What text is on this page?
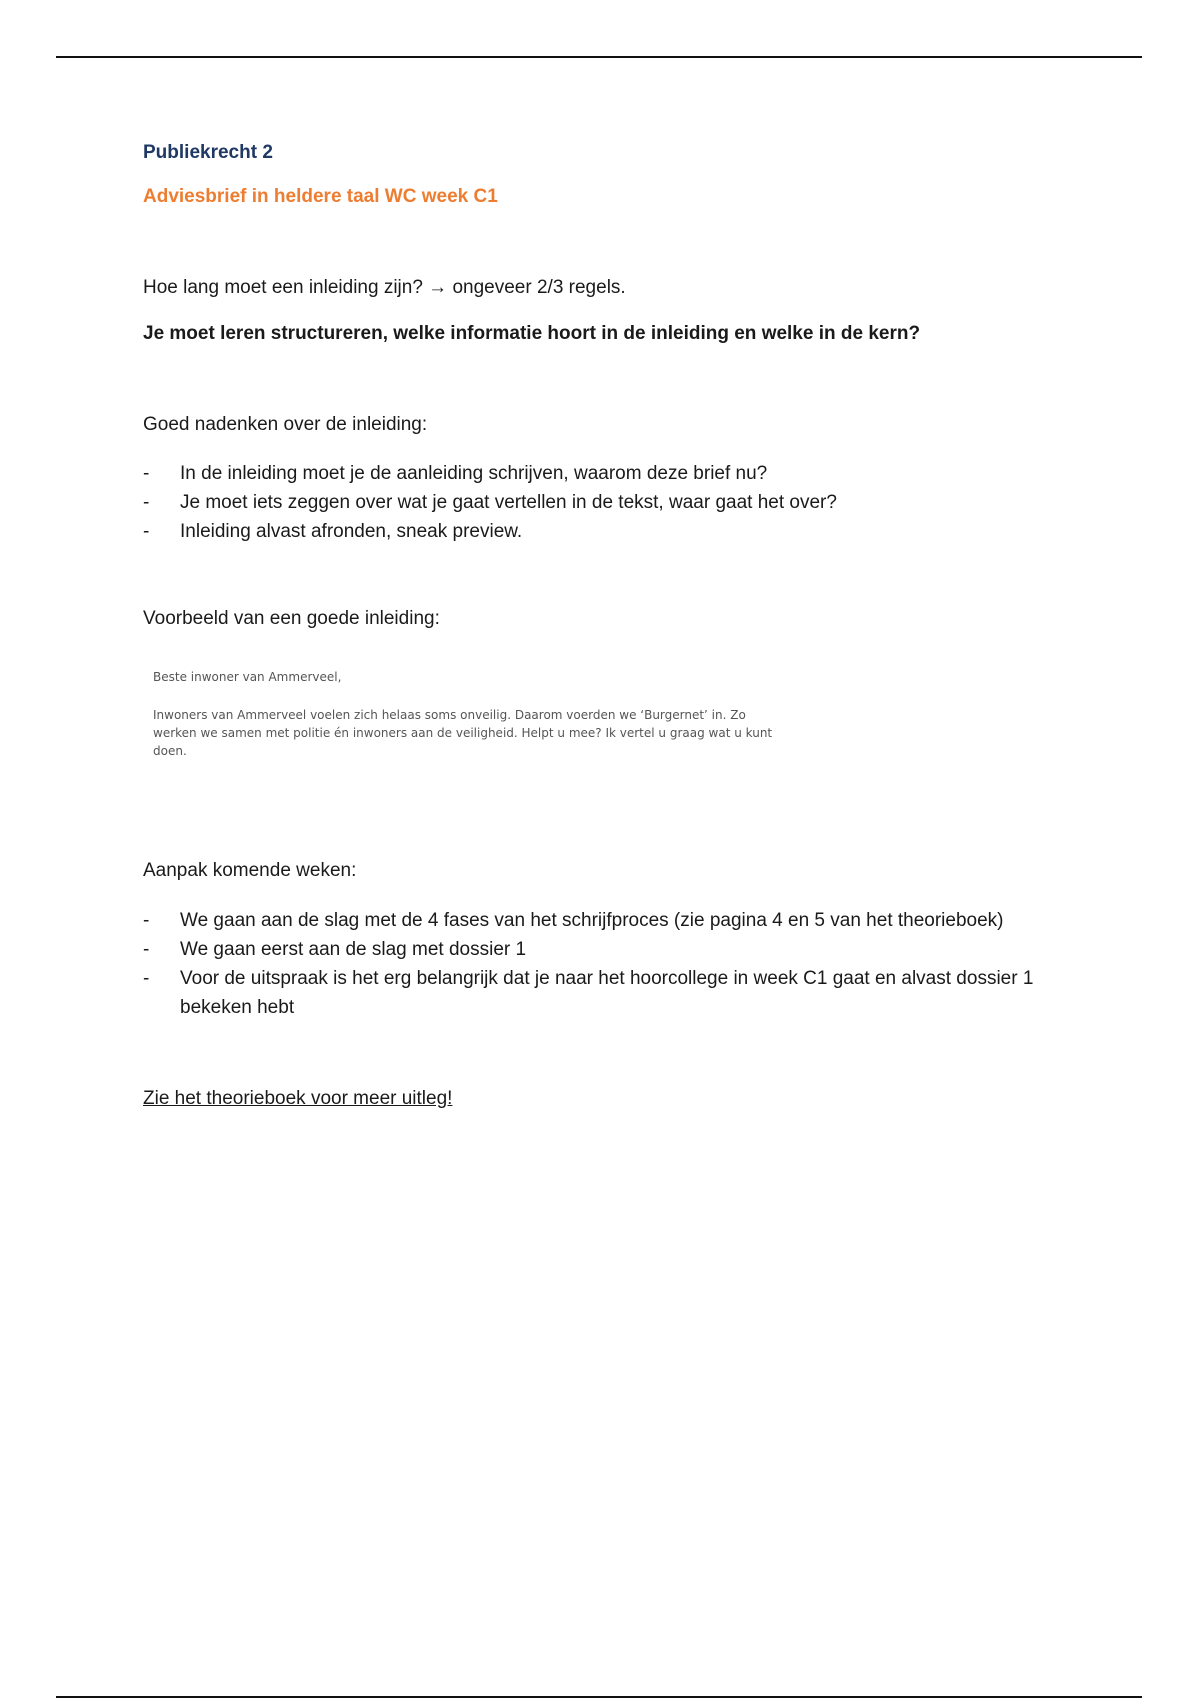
Publiekrecht 2
Adviesbrief in heldere taal WC week C1

Hoe lang moet een inleiding zijn? → ongeveer 2/3 regels.

Je moet leren structureren, welke informatie hoort in de inleiding en welke in de kern?

Goed nadenken over de inleiding:

- In de inleiding moet je de aanleiding schrijven, waarom deze brief nu?
- Je moet iets zeggen over wat je gaat vertellen in de tekst, waar gaat het over?
- Inleiding alvast afronden, sneak preview.

Voorbeeld van een goede inleiding:

Beste inwoner van Ammerveel,
Inwoners van Ammerveel voelen zich helaas soms onveilig. Daarom voerden we ‘Burgernet’ in. Zo werken we samen met politie én inwoners aan de veiligheid. Helpt u mee? Ik vertel u graag wat u kunt doen.

Aanpak komende weken:

- We gaan aan de slag met de 4 fases van het schrijfproces (zie pagina 4 en 5 van het theorieboek)
- We gaan eerst aan de slag met dossier 1
- Voor de uitspraak is het erg belangrijk dat je naar het hoorcollege in week C1 gaat en alvast dossier 1 bekeken hebt

Zie het theorieboek voor meer uitleg!
